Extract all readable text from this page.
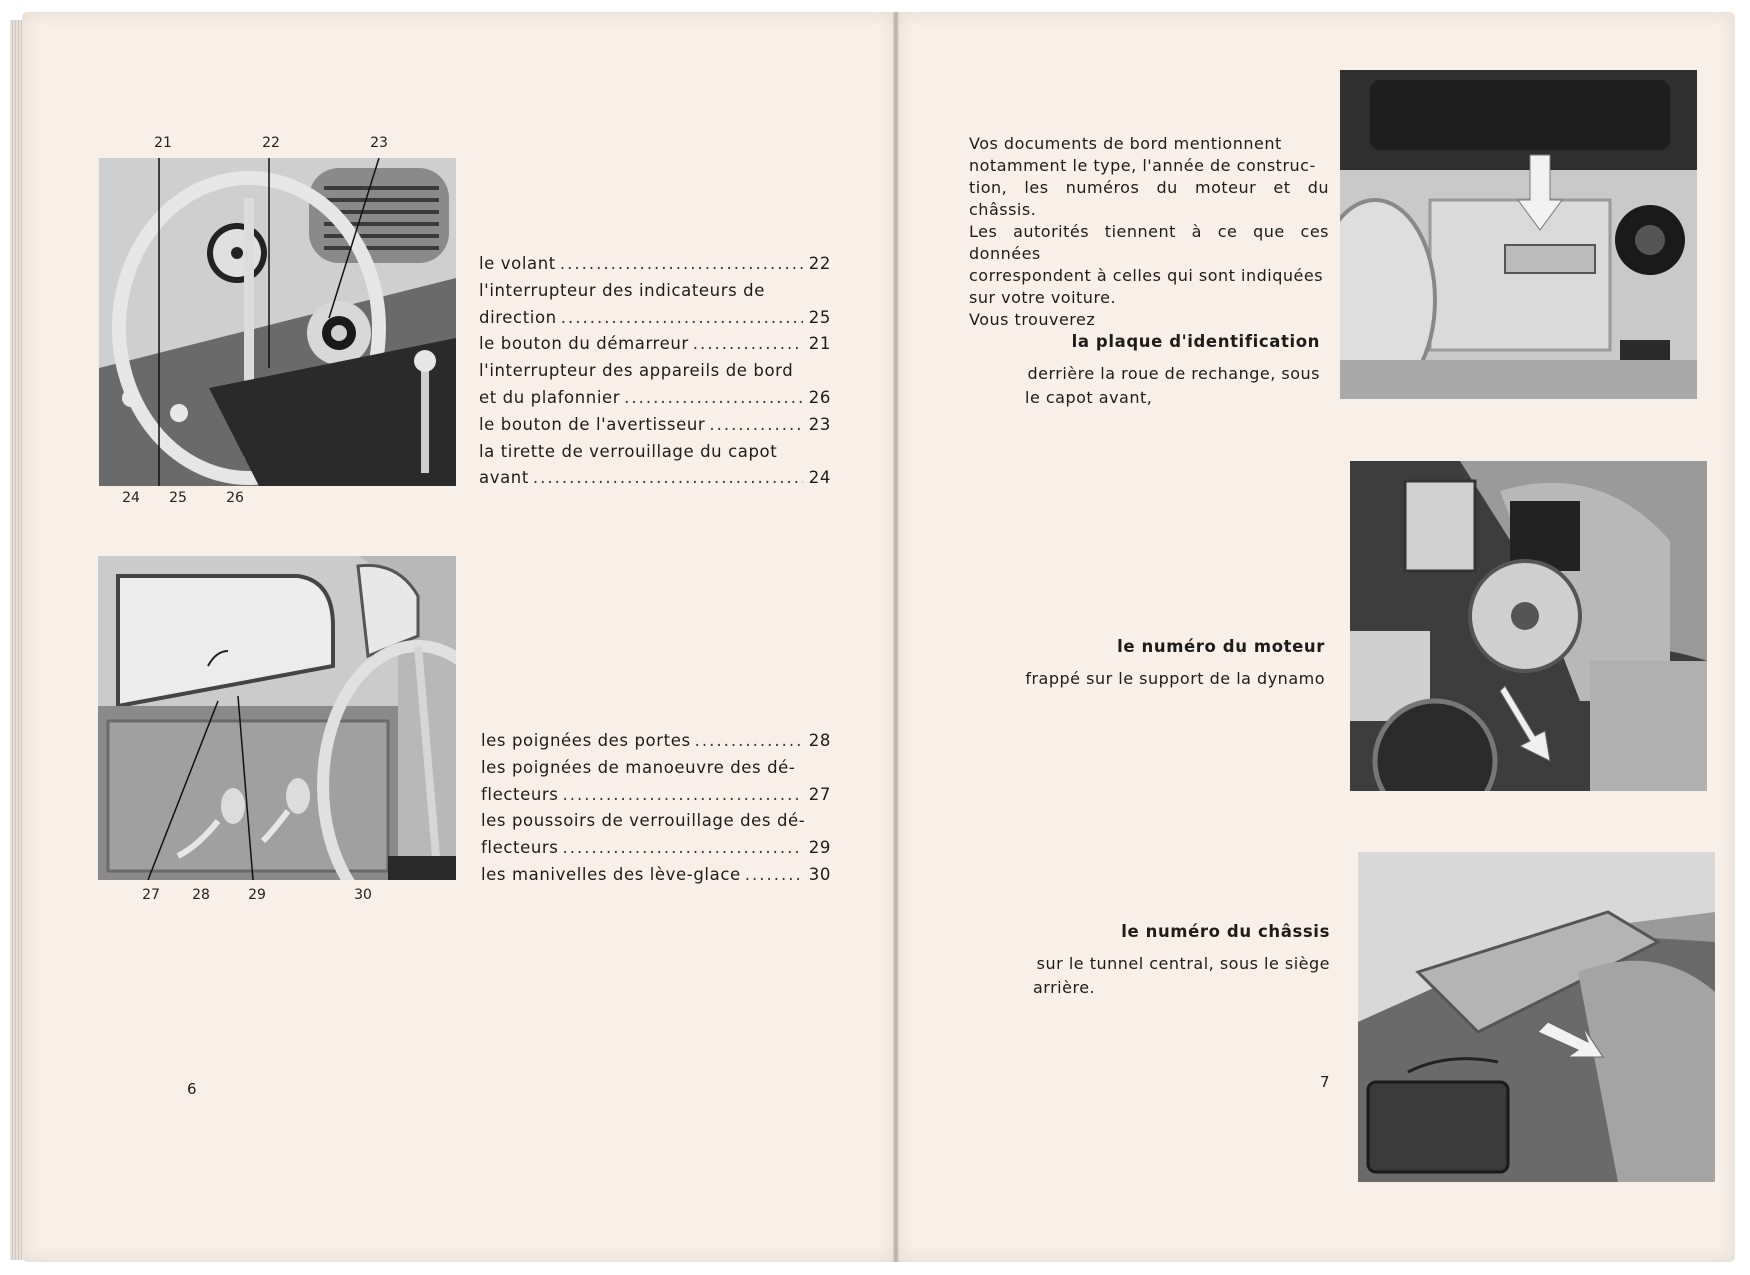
21	22	23
24	25	26
le volant .....	22
l'interrupteur des indicateurs de
direction .....	25
le bouton du démarreur .....	21
l'interrupteur des appareils de bord
et du plafonnier .....	26
le bouton de l'avertisseur .....	23
la tirette de verrouillage du capot
avant .....	24
27	28	29	30
les poignées des portes .....	28
les poignées de manoeuvre des dé-
flecteurs .....	27
les poussoirs de verrouillage des dé-
flecteurs .....	29
les manivelles des lève-glace .....	30
6
Vos documents de bord mentionnent
notamment le type, l'année de construc-
tion, les numéros du moteur et du châssis.
Les autorités tiennent à ce que ces données
correspondent à celles qui sont indiquées
sur votre voiture.
Vous trouverez
la plaque d'identification
derrière la roue de rechange, sous
le capot avant,
le numéro du moteur
frappé sur le support de la dynamo
le numéro du châssis
sur le tunnel central, sous le siège
arrière.
7
